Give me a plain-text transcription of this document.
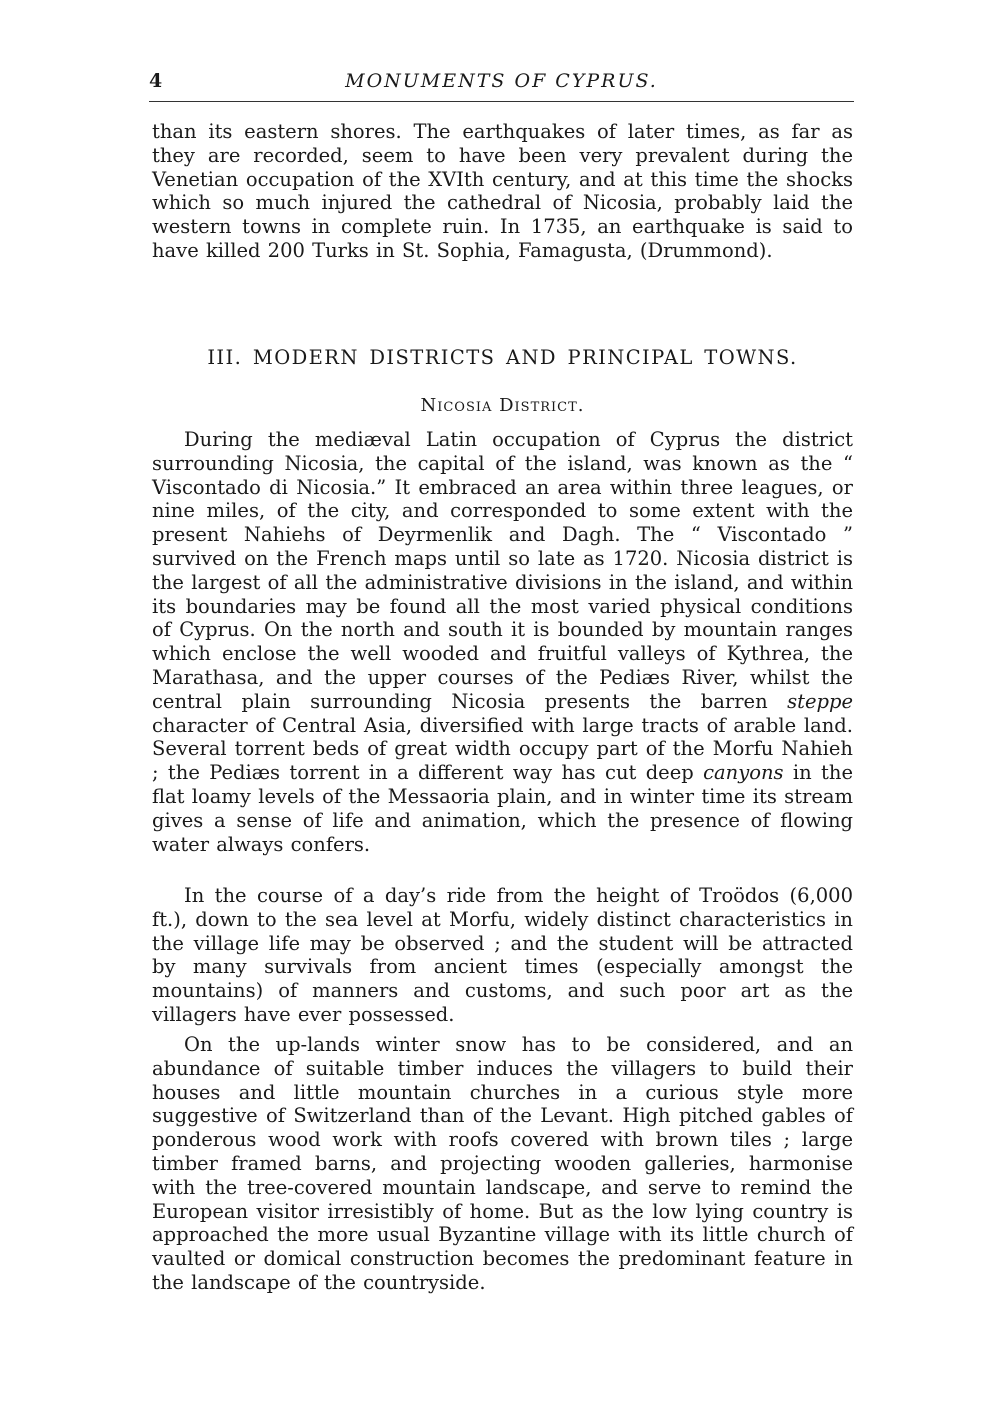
4	MONUMENTS OF CYPRUS.

than its eastern shores. The earthquakes of later times, as far as they are recorded, seem to have been very prevalent during the Venetian occupation of the XVIth century, and at this time the shocks which so much injured the cathedral of Nicosia, probably laid the western towns in complete ruin. In 1735, an earthquake is said to have killed 200 Turks in St. Sophia, Famagusta, (Drummond).

III. MODERN DISTRICTS AND PRINCIPAL TOWNS.
Nicosia District.

During the mediæval Latin occupation of Cyprus the district surrounding Nicosia, the capital of the island, was known as the “ Viscontado di Nicosia.” It embraced an area within three leagues, or nine miles, of the city, and corresponded to some extent with the present Nahiehs of Deyrmenlik and Dagh. The “ Viscontado ” survived on the French maps until so late as 1720. Nicosia district is the largest of all the administrative divisions in the island, and within its boundaries may be found all the most varied physical conditions of Cyprus. On the north and south it is bounded by mountain ranges which enclose the well wooded and fruitful valleys of Kythrea, the Marathasa, and the upper courses of the Pediæs River, whilst the central plain surrounding Nicosia presents the barren steppe character of Central Asia, diversified with large tracts of arable land. Several torrent beds of great width occupy part of the Morfu Nahieh ; the Pediæs torrent in a different way has cut deep canyons in the flat loamy levels of the Messaoria plain, and in winter time its stream gives a sense of life and animation, which the presence of flowing water always confers.

In the course of a day’s ride from the height of Troödos (6,000 ft.), down to the sea level at Morfu, widely distinct characteristics in the village life may be observed ; and the student will be attracted by many survivals from ancient times (especially amongst the mountains) of manners and customs, and such poor art as the villagers have ever possessed.

On the up-lands winter snow has to be considered, and an abundance of suitable timber induces the villagers to build their houses and little mountain churches in a curious style more suggestive of Switzerland than of the Levant. High pitched gables of ponderous wood work with roofs covered with brown tiles ; large timber framed barns, and projecting wooden galleries, harmonise with the tree-covered mountain landscape, and serve to remind the European visitor irresistibly of home. But as the low lying country is approached the more usual Byzantine village with its little church of vaulted or domical construction becomes the predominant feature in the landscape of the countryside.
